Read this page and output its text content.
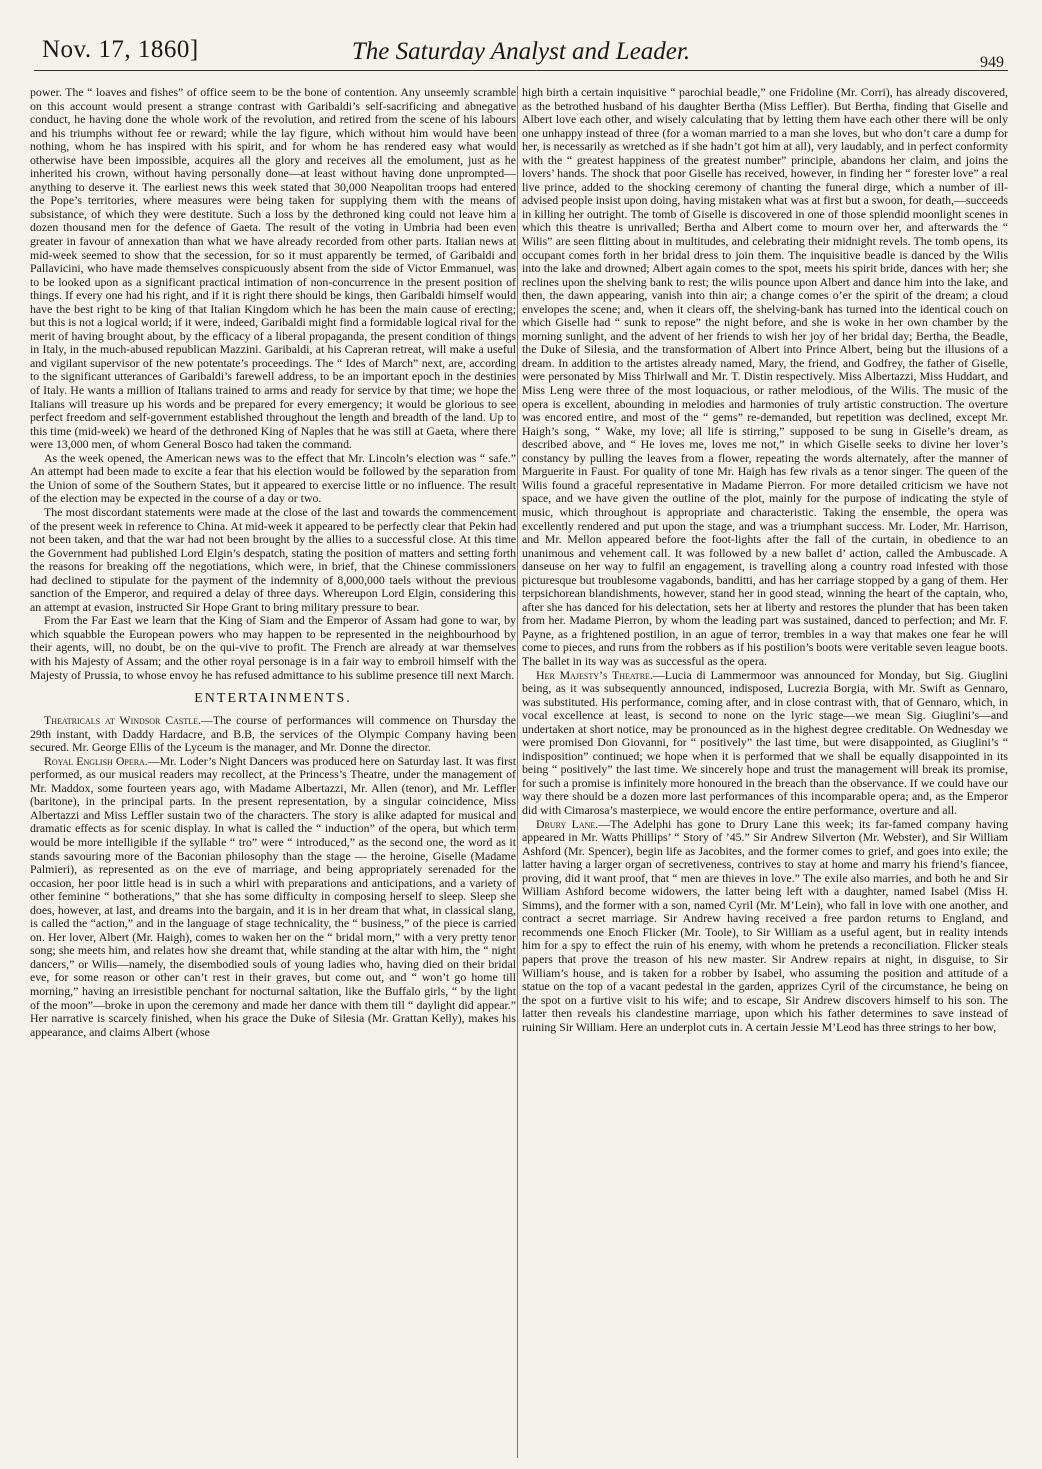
Nov. 17, 1860]	The Saturday Analyst and Leader.	949

power. The “ loaves and fishes” of office seem to be the bone of contention. Any unseemly scramble on this account would present a strange contrast with Garibaldi’s self-sacrificing and abnegative conduct, he having done the whole work of the revolution, and retired from the scene of his labours and his triumphs without fee or reward; while the lay figure, which without him would have been nothing, whom he has inspired with his spirit, and for whom he has rendered easy what would otherwise have been impossible, acquires all the glory and receives all the emolument, just as he inherited his crown, without having personally done—at least without having done unprompted—anything to deserve it. The earliest news this week stated that 30,000 Neapolitan troops had entered the Pope’s territories, where measures were being taken for supplying them with the means of subsistance, of which they were destitute. Such a loss by the dethroned king could not leave him a dozen thousand men for the defence of Gaeta. The result of the voting in Umbria had been even greater in favour of annexation than what we have already recorded from other parts. Italian news at mid-week seemed to show that the secession, for so it must apparently be termed, of Garibaldi and Pallavicini, who have made themselves conspicuously absent from the side of Victor Emmanuel, was to be looked upon as a significant practical intimation of non-concurrence in the present position of things. If every one had his right, and if it is right there should be kings, then Garibaldi himself would have the best right to be king of that Italian Kingdom which he has been the main cause of erecting; but this is not a logical world; if it were, indeed, Garibaldi might find a formidable logical rival for the merit of having brought about, by the efficacy of a liberal propaganda, the present condition of things in Italy, in the much-abused republican Mazzini. Garibaldi, at his Capreran retreat, will make a useful and vigilant supervisor of the new potentate’s proceedings. The “ Ides of March” next, are, according to the significant utterances of Garibaldi’s farewell address, to be an important epoch in the destinies of Italy. He wants a million of Italians trained to arms and ready for service by that time; we hope the Italians will treasure up his words and be prepared for every emergency; it would be glorious to see perfect freedom and self-government established throughout the length and breadth of the land. Up to this time (mid-week) we heard of the dethroned King of Naples that he was still at Gaeta, where there were 13,000 men, of whom General Bosco had taken the command.

As the week opened, the American news was to the effect that Mr. Lincoln’s election was “ safe.” An attempt had been made to excite a fear that his election would be followed by the separation from the Union of some of the Southern States, but it appeared to exercise little or no influence. The result of the election may be expected in the course of a day or two.

The most discordant statements were made at the close of the last and towards the commencement of the present week in reference to China. At mid-week it appeared to be perfectly clear that Pekin had not been taken, and that the war had not been brought by the allies to a successful close. At this time the Government had published Lord Elgin’s despatch, stating the position of matters and setting forth the reasons for breaking off the negotiations, which were, in brief, that the Chinese commissioners had declined to stipulate for the payment of the indemnity of 8,000,000 taels without the previous sanction of the Emperor, and required a delay of three days. Whereupon Lord Elgin, considering this an attempt at evasion, instructed Sir Hope Grant to bring military pressure to bear.

From the Far East we learn that the King of Siam and the Emperor of Assam had gone to war, by which squabble the European powers who may happen to be represented in the neighbourhood by their agents, will, no doubt, be on the qui-vive to profit. The French are already at war themselves with his Majesty of Assam; and the other royal personage is in a fair way to embroil himself with the Majesty of Prussia, to whose envoy he has refused admittance to his sublime presence till next March.

ENTERTAINMENTS.

Theatricals at Windsor Castle.—The course of performances will commence on Thursday the 29th instant, with Daddy Hardacre, and B.B, the services of the Olympic Company having been secured. Mr. George Ellis of the Lyceum is the manager, and Mr. Donne the director.

Royal English Opera.—Mr. Loder’s Night Dancers was produced here on Saturday last. It was first performed, as our musical readers may recollect, at the Princess’s Theatre, under the management of Mr. Maddox, some fourteen years ago, with Madame Albertazzi, Mr. Allen (tenor), and Mr. Leffler (baritone), in the principal parts. In the present representation, by a singular coincidence, Miss Albertazzi and Miss Leffler sustain two of the characters. The story is alike adapted for musical and dramatic effects as for scenic display. In what is called the “ induction” of the opera, but which term would be more intelligible if the syllable “ tro” were “ introduced,” as the second one, the word as it stands savouring more of the Baconian philosophy than the stage — the heroine, Giselle (Madame Palmieri), as represented as on the eve of marriage, and being appropriately serenaded for the occasion, her poor little head is in such a whirl with preparations and anticipations, and a variety of other feminine “ botherations,” that she has some difficulty in composing herself to sleep. Sleep she does, however, at last, and dreams into the bargain, and it is in her dream that what, in classical slang, is called the “action,” and in the language of stage technicality, the “ business,” of the piece is carried on. Her lover, Albert (Mr. Haigh), comes to waken her on the “ bridal morn,” with a very pretty tenor song; she meets him, and relates how she dreamt that, while standing at the altar with him, the “ night dancers,” or Wilis—namely, the disembodied souls of young ladies who, having died on their bridal eve, for some reason or other can’t rest in their graves, but come out, and “ won’t go home till morning,” having an irresistible penchant for nocturnal saltation, like the Buffalo girls, “ by the light of the moon”—broke in upon the ceremony and made her dance with them till “ daylight did appear.” Her narrative is scarcely finished, when his grace the Duke of Silesia (Mr. Grattan Kelly), makes his appearance, and claims Albert (whose

high birth a certain inquisitive “ parochial beadle,” one Fridoline (Mr. Corri), has already discovered, as the betrothed husband of his daughter Bertha (Miss Leffler). But Bertha, finding that Giselle and Albert love each other, and wisely calculating that by letting them have each other there will be only one unhappy instead of three (for a woman married to a man she loves, but who don’t care a dump for her, is necessarily as wretched as if she hadn’t got him at all), very laudably, and in perfect conformity with the “ greatest happiness of the greatest number” principle, abandons her claim, and joins the lovers’ hands. The shock that poor Giselle has received, however, in finding her “ forester love” a real live prince, added to the shocking ceremony of chanting the funeral dirge, which a number of ill-advised people insist upon doing, having mistaken what was at first but a swoon, for death,—succeeds in killing her outright. The tomb of Giselle is discovered in one of those splendid moonlight scenes in which this theatre is unrivalled; Bertha and Albert come to mourn over her, and afterwards the “ Wilis” are seen flitting about in multitudes, and celebrating their midnight revels. The tomb opens, its occupant comes forth in her bridal dress to join them. The inquisitive beadle is danced by the Wilis into the lake and drowned; Albert again comes to the spot, meets his spirit bride, dances with her; she reclines upon the shelving bank to rest; the wilis pounce upon Albert and dance him into the lake, and then, the dawn appearing, vanish into thin air; a change comes o’er the spirit of the dream; a cloud envelopes the scene; and, when it clears off, the shelving-bank has turned into the identical couch on which Giselle had “ sunk to repose” the night before, and she is woke in her own chamber by the morning sunlight, and the advent of her friends to wish her joy of her bridal day; Bertha, the Beadle, the Duke of Silesia, and the transformation of Albert into Prince Albert, being but the illusions of a dream. In addition to the artistes already named, Mary, the friend, and Godfrey, the father of Giselle, were personated by Miss Thirlwall and Mr. T. Distin respectively. Miss Albertazzi, Miss Huddart, and Miss Leng were three of the most loquacious, or rather melodious, of the Wilis. The music of the opera is excellent, abounding in melodies and harmonies of truly artistic construction. The overture was encored entire, and most of the “ gems” re-demanded, but repetition was declined, except Mr. Haigh’s song, “ Wake, my love; all life is stirring,” supposed to be sung in Giselle’s dream, as described above, and “ He loves me, loves me not,” in which Giselle seeks to divine her lover’s constancy by pulling the leaves from a flower, repeating the words alternately, after the manner of Marguerite in Faust. For quality of tone Mr. Haigh has few rivals as a tenor singer. The queen of the Wilis found a graceful representative in Madame Pierron. For more detailed criticism we have not space, and we have given the outline of the plot, mainly for the purpose of indicating the style of music, which throughout is appropriate and characteristic. Taking the ensemble, the opera was excellently rendered and put upon the stage, and was a triumphant success. Mr. Loder, Mr. Harrison, and Mr. Mellon appeared before the foot-lights after the fall of the curtain, in obedience to an unanimous and vehement call. It was followed by a new ballet d’ action, called the Ambuscade. A danseuse on her way to fulfil an engagement, is travelling along a country road infested with those picturesque but troublesome vagabonds, banditti, and has her carriage stopped by a gang of them. Her terpsichorean blandishments, however, stand her in good stead, winning the heart of the captain, who, after she has danced for his delectation, sets her at liberty and restores the plunder that has been taken from her. Madame Pierron, by whom the leading part was sustained, danced to perfection; and Mr. F. Payne, as a frightened postilion, in an ague of terror, trembles in a way that makes one fear he will come to pieces, and runs from the robbers as if his postilion’s boots were veritable seven league boots. The ballet in its way was as successful as the opera.

Her Majesty’s Theatre.—Lucia di Lammermoor was announced for Monday, but Sig. Giuglini being, as it was subsequently announced, indisposed, Lucrezia Borgia, with Mr. Swift as Gennaro, was substituted. His performance, coming after, and in close contrast with, that of Gennaro, which, in vocal excellence at least, is second to none on the lyric stage—we mean Sig. Giuglini’s—and undertaken at short notice, may be pronounced as in the highest degree creditable. On Wednesday we were promised Don Giovanni, for “ positively” the last time, but were disappointed, as Giuglini’s “ indisposition” continued; we hope when it is performed that we shall be equally disappointed in its being “ positively” the last time. We sincerely hope and trust the management will break its promise, for such a promise is infinitely more honoured in the breach than the observance. If we could have our way there should be a dozen more last performances of this incomparable opera; and, as the Emperor did with Cimarosa’s masterpiece, we would encore the entire performance, overture and all.

Drury Lane.—The Adelphi has gone to Drury Lane this week; its far-famed company having appeared in Mr. Watts Phillips’ “ Story of ’45.” Sir Andrew Silverton (Mr. Webster), and Sir William Ashford (Mr. Spencer), begin life as Jacobites, and the former comes to grief, and goes into exile; the latter having a larger organ of secretiveness, contrives to stay at home and marry his friend’s fiancee, proving, did it want proof, that “ men are thieves in love.” The exile also marries, and both he and Sir William Ashford become widowers, the latter being left with a daughter, named Isabel (Miss H. Simms), and the former with a son, named Cyril (Mr. M’Lein), who fall in love with one another, and contract a secret marriage. Sir Andrew having received a free pardon returns to England, and recommends one Enoch Flicker (Mr. Toole), to Sir William as a useful agent, but in reality intends him for a spy to effect the ruin of his enemy, with whom he pretends a reconciliation. Flicker steals papers that prove the treason of his new master. Sir Andrew repairs at night, in disguise, to Sir William’s house, and is taken for a robber by Isabel, who assuming the position and attitude of a statue on the top of a vacant pedestal in the garden, apprizes Cyril of the circumstance, he being on the spot on a furtive visit to his wife; and to escape, Sir Andrew discovers himself to his son. The latter then reveals his clandestine marriage, upon which his father determines to save instead of ruining Sir William. Here an underplot cuts in. A certain Jessie M’Leod has three strings to her bow,
